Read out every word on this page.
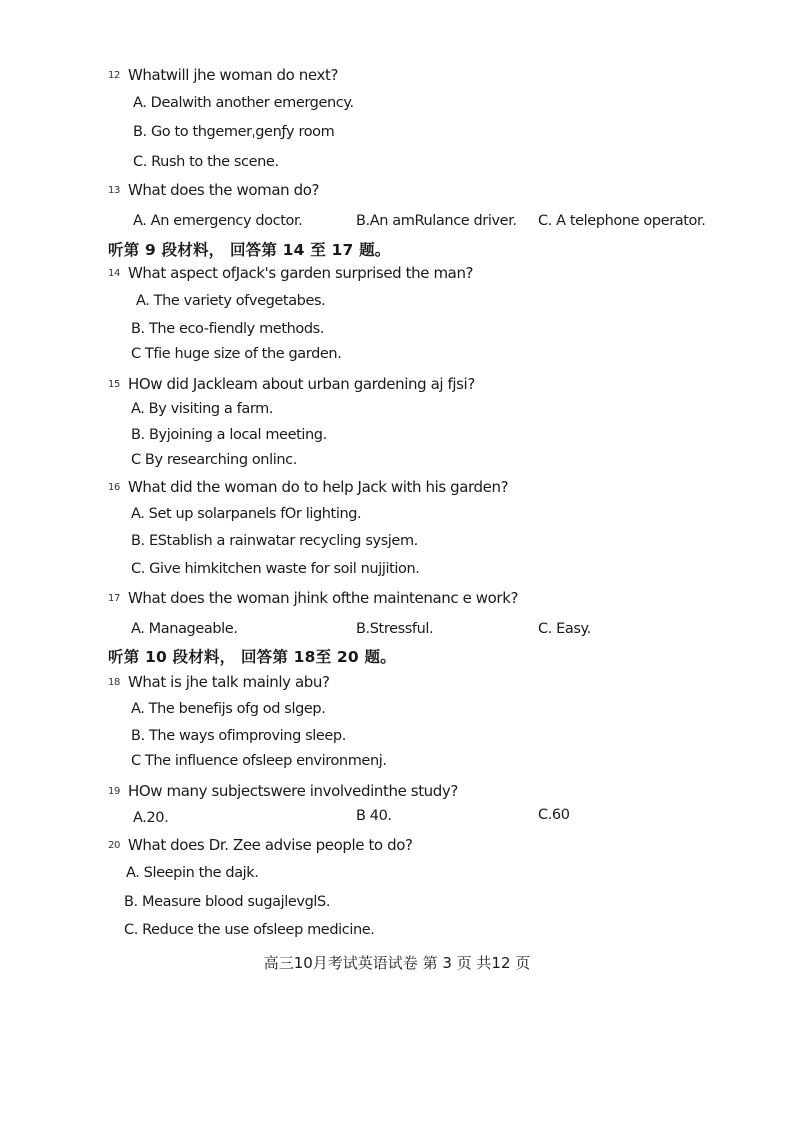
12 Whatwill jhe woman do next?
A. Dealwith another emergency.
B. Go to thgemerˌgenƒy room
C. Rush to the scene.
13 What does the woman do?
A. An emergency doctor.	B.An amRulance driver. C. A telephone operator.
听第 9 段材料， 回答第 14 至 17 题。
14 What aspect ofJack's garden surprised the man?
A. The variety ofvegetabes.
B. The eco-fiendly methods.
C Tfie huge size of the garden.
15 HOw did Jackleam about urban gardening aj fjsi?
A. By visiting a farm.
B. Byjoining a local meeting.
C By researching onlinc.
16 What did the woman do to help Jack with his garden?
A. Set up solarpanels fOr lighting.
B. EStablish a rainwatar recycling sysjem.
C. Give himkitchen waste for soil nujjition.
17 What does the woman jhink ofthe maintenanc e work?
A. Manageable.	B.Stressful.	C. Easy.
听第 10 段材料， 回答第 18至 20 题。
18 What is jhe talk mainly abu?
A. The benefijs ofg od slgep.
B. The ways ofimproving sleep.
C The influence ofsleep environmenj.
19 HOw many subjectswere involvedinthe study?
A.20.	B 40.	C.60
20 What does Dr. Zee advise people to do?
A. Sleepin the dajk.
B. Measure blood sugajlevglS.
C. Reduce the use ofsleep medicine.
高三10月考试英语试卷 第 3 页 共12 页
